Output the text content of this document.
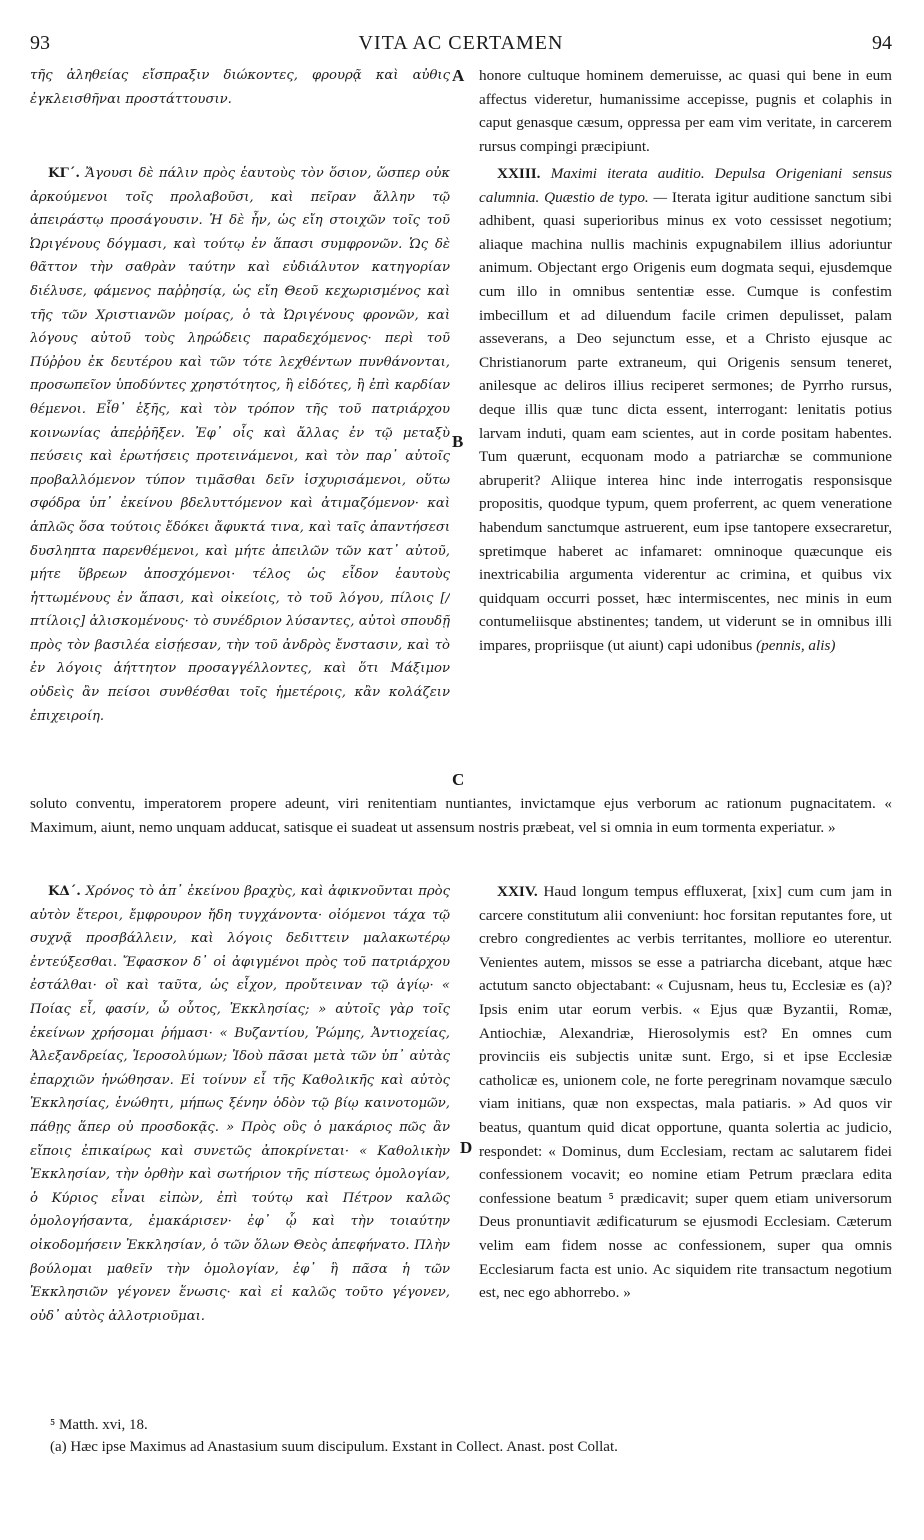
93	VITA AC CERTAMEN	94

τῆς ἀληθείας εἴσπραξιν διώκοντες, φρουρᾷ καὶ αὐθις ἐγκλεισθῆναι προστάττουσιν.

A honore cultuque hominem demeruisse, ac quasi qui bene in eum affectus videretur, humanissime accepisse, pugnis et colaphis in caput genasque cæsum, oppressa per eam vim veritate, in carcerem rursus compingi præcipiunt.

ΚΓ΄. Ἄγουσι δὲ πάλιν πρὸς ἑαυτοὺς τὸν ὅσιον, ὥσπερ οὐκ ἀρκούμενοι τοῖς προλαβοῦσι, καὶ πεῖραν ἄλλην τῷ ἀπειράστῳ προσάγουσιν. Ἡ δὲ ἦν, ὡς εἴη στοιχῶν τοῖς τοῦ Ὠριγένους δόγμασι, καὶ τούτῳ ἐν ἅπασι συμφρονῶν. Ὡς δὲ θᾶττον τὴν σαθρὰν ταύτην καὶ εὐδιάλυτον κατηγορίαν διέλυσε, φάμενος παῤῥησίᾳ, ὡς εἴη Θεοῦ κεχωρισμένος καὶ τῆς τῶν Χριστιανῶν μοίρας, ὁ τὰ Ὠριγένους φρονῶν, καὶ λόγους αὐτοῦ τοὺς ληρώδεις παραδεχόμενος· περὶ τοῦ Πύῤῥου ἐκ δευτέρου καὶ τῶν τότε λεχθέντων πυνθάνονται, προσωπεῖον ὑποδύντες χρηστότητος, ἢ εἰδότες, ἢ ἐπὶ καρδίαν θέμενοι. Εἶθ᾽ ἑξῆς, καὶ τὸν τρόπον τῆς τοῦ πατριάρχου κοινωνίας ἀπεῤῥῆξεν. Ἐφ᾽ οἷς καὶ ἄλλας ἐν τῷ μεταξὺ πεύσεις καὶ ἐρωτήσεις προτεινάμενοι, καὶ τὸν παρ᾽ αὐτοῖς προβαλλόμενον τύπον τιμᾶσθαι δεῖν ἰσχυρισάμενοι, οὕτω σφόδρα ὑπ᾽ ἐκείνου βδελυττόμενον καὶ ἀτιμαζόμενον· καὶ ἁπλῶς ὅσα τούτοις ἔδόκει ἄφυκτά τινα, καὶ ταῖς ἀπαντήσεσι δυσληπτα παρενθέμενοι, καὶ μήτε ἀπειλῶν τῶν κατ᾽ αὐτοῦ, μήτε ὕβρεων ἀποσχόμενοι· τέλος ὡς εἶδον ἑαυτοὺς ἡττωμένους ἐν ἅπασι, καὶ οἰκείοις, τὸ τοῦ λόγου, πίλοις [/ πτίλοις] ἁλισκομένους· τὸ συνέδριον λύσαντες, αὐτοὶ σπουδῇ πρὸς τὸν βασιλέα εἰσῄεσαν, τὴν τοῦ ἀνδρὸς ἔνστασιν, καὶ τὸ ἐν λόγοις ἀήττητον προσαγγέλλοντες, καὶ ὅτι Μάξιμον οὐδεὶς ἂν πείσοι συνθέσθαι τοῖς ἡμετέροις, κἂν κολάζειν ἐπιχειροίη.

XXIII. Maximi iterata auditio. Depulsa Origeniani sensus calumnia. Quæstio de typo. — Iterata igitur auditione sanctum sibi adhibent, quasi superioribus minus ex voto cessisset negotium; aliaque machina nullis machinis expugnabilem illius adoriuntur animum. Objectant ergo Origenis eum dogmata sequi, ejusdemque cum illo in omnibus sententiæ esse. Cumque is confestim imbecillum et ad diluendum facile crimen depulisset, palam asseverans, a Deo sejunctum esse, et a Christo ejusque ac Christianorum parte extraneum, qui Origenis sensum teneret, anilesque ac deliros illius reciperet sermones; de Pyrrho rursus, deque illis quæ tunc dicta essent, interrogant: lenitatis potius larvam induti, quam eam scientes, aut in corde positam habentes. Tum quærunt, ecquonam modo a patriarchæ se communione abruperit? Aliique interea hinc inde interrogatis responsisque propositis, quodque typum, quem proferrent, ac quem veneratione habendum sanctumque astruerent, eum ipse tantopere exsecraretur, spretimque haberet ac infamaret: omninoque quæcunque eis inextricabilia argumenta viderentur ac crimina, et quibus vix quidquam occurri posset, hæc intermiscentes, nec minis in eum contumeliisque abstinentes; tandem, ut viderunt se in omnibus illi impares, propriisque (ut aiunt) capi udonibus (pennis, alis)

B

soluto conventu, imperatorem propere adeunt, viri renitentiam nuntiantes, invictamque ejus verborum ac rationum pugnacitatem. « Maximum, aiunt, nemo unquam adducat, satisque ei suadeat ut assensum nostris præbeat, vel si omnia in eum tormenta experiatur. »

C

ΚΔ΄. Χρόνος τὸ ἀπ᾽ ἐκείνου βραχὺς, καὶ ἀφικνοῦνται πρὸς αὐτὸν ἕτεροι, ἔμφρουρον ἤδη τυγχάνοντα· οἰόμενοι τάχα τῷ συχνᾷ προσβάλλειν, καὶ λόγοις δεδιττειν μαλακωτέρῳ ἐντεύξεσθαι. Ἔφασκον δ᾽ οἱ ἀφιγμένοι πρὸς τοῦ πατριάρχου ἐστάλθαι· οἳ καὶ ταῦτα, ὡς εἶχον, προὔτειναν τῷ ἁγίῳ· « Ποίας εἶ, φασίν, ὦ οὗτος, Ἐκκλησίας; » αὐτοῖς γὰρ τοῖς ἐκείνων χρήσομαι ῥήμασι· « Βυζαντίου, Ῥώμης, Ἀντιοχείας, Ἀλεξανδρείας, Ἱεροσολύμων; Ἰδοὺ πᾶσαι μετὰ τῶν ὑπ᾽ αὐτὰς ἐπαρχιῶν ἡνώθησαν. Εἰ τοίνυν εἶ τῆς Καθολικῆς καὶ αὐτὸς Ἐκκλησίας, ἑνώθητι, μήπως ξένην ὁδὸν τῷ βίῳ καινοτομῶν, πάθῃς ἅπερ οὐ προσδοκᾷς. » Πρὸς οὓς ὁ μακάριος πῶς ἂν εἴποις ἐπικαίρως καὶ συνετῶς ἀποκρίνεται· « Καθολικὴν Ἐκκλησίαν, τὴν ὀρθὴν καὶ σωτήριον τῆς πίστεως ὁμολογίαν, ὁ Κύριος εἶναι εἰπὼν, ἐπὶ τούτῳ καὶ Πέτρον καλῶς ὁμολογήσαντα, ἐμακάρισεν· ἐφ᾽ ᾧ καὶ τὴν τοιαύτην οἰκοδομήσειν Ἐκκλησίαν, ὁ τῶν ὅλων Θεὸς ἀπεφήνατο. Πλὴν βούλομαι μαθεῖν τὴν ὁμολογίαν, ἐφ᾽ ἣ πᾶσα ἡ τῶν Ἐκκλησιῶν γέγονεν ἕνωσις· καὶ εἰ καλῶς τοῦτο γέγονεν, οὐδ᾽ αὐτὸς ἀλλοτριοῦμαι.

XXIV. Haud longum tempus effluxerat, [xix] cum cum jam in carcere constitutum alii conveniunt: hoc forsitan reputantes fore, ut crebro congredientes ac verbis territantes, molliore eo uterentur. Venientes autem, missos se esse a patriarcha dicebant, atque hæc actutum sancto objectabant: « Cujusnam, heus tu, Ecclesiæ es (a)? Ipsis enim utar eorum verbis. « Ejus quæ Byzantii, Romæ, Antiochiæ, Alexandriæ, Hierosolymis est? En omnes cum provinciis eis subjectis unitæ sunt. Ergo, si et ipse Ecclesiæ catholicæ es, unionem cole, ne forte peregrinam novamque sæculo viam initians, quæ non exspectas, mala patiaris. » Ad quos vir beatus, quantum quid dicat opportune, quanta solertia ac judicio, respondet: « Dominus, dum Ecclesiam, rectam ac salutarem fidei confessionem vocavit; eo nomine etiam Petrum præclara edita confessione beatum ⁵ prædicavit; super quem etiam universorum Deus pronuntiavit ædificaturum se ejusmodi Ecclesiam. Cæterum velim eam fidem nosse ac confessionem, super qua omnis Ecclesiarum facta est unio. Ac siquidem rite transactum negotium est, nec ego abhorrebo. »

D

⁵ Matth. xvi, 18.

(a) Hæc ipse Maximus ad Anastasium suum discipulum. Exstant in Collect. Anast. post Collat.
